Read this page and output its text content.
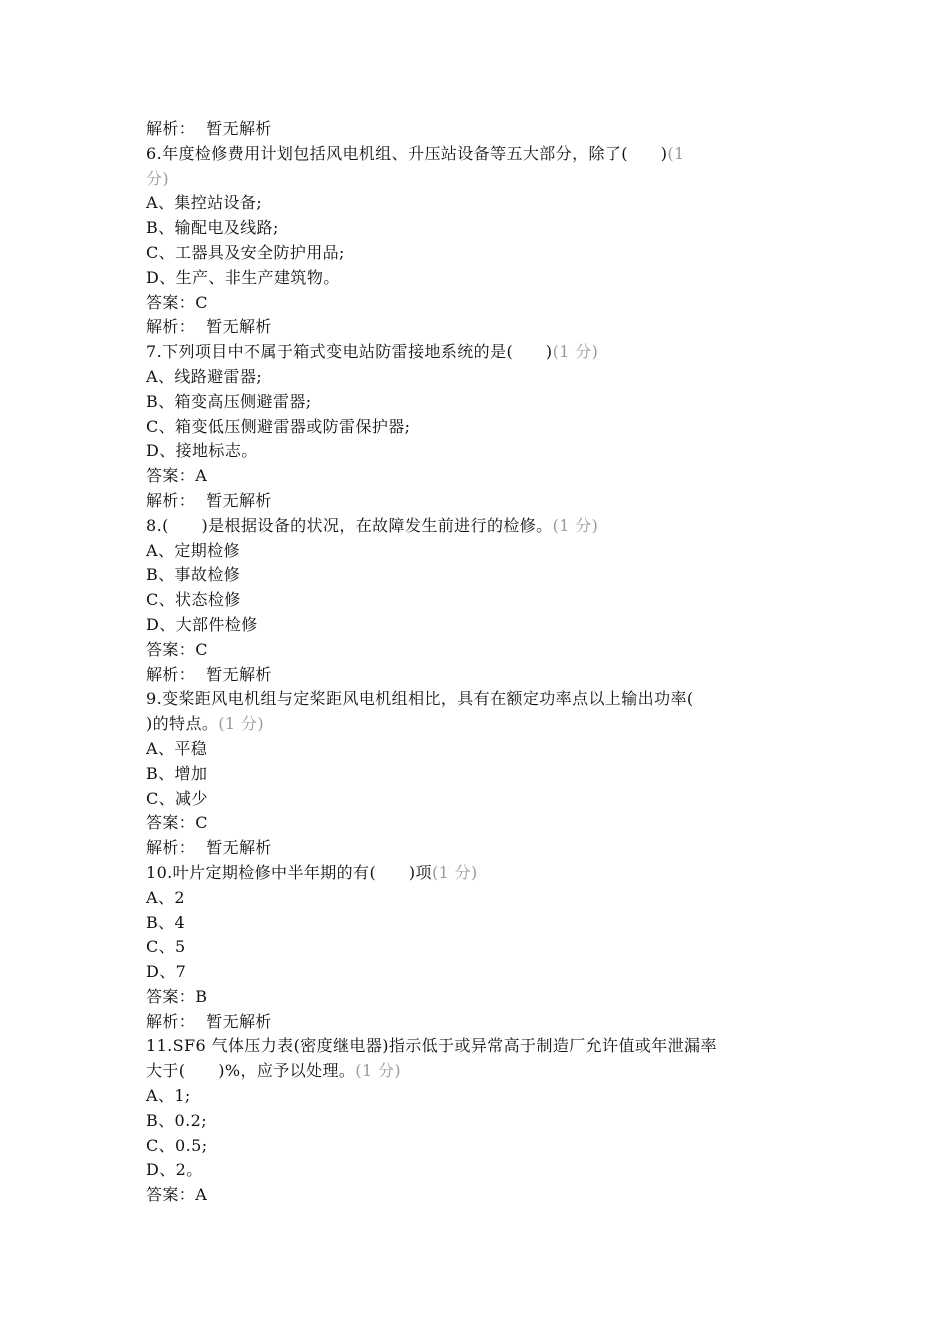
解析： 暂无解析
6.年度检修费用计划包括风电机组、升压站设备等五大部分，除了(　　)(1
分)
A、集控站设备;
B、输配电及线路;
C、工器具及安全防护用品;
D、生产、非生产建筑物。
答案：C
解析： 暂无解析
7.下列项目中不属于箱式变电站防雷接地系统的是(　　)(1 分)
A、线路避雷器;
B、箱变高压侧避雷器;
C、箱变低压侧避雷器或防雷保护器;
D、接地标志。
答案：A
解析： 暂无解析
8.(　　)是根据设备的状况，在故障发生前进行的检修。(1 分)
A、定期检修
B、事故检修
C、状态检修
D、大部件检修
答案：C
解析： 暂无解析
9.变桨距风电机组与定桨距风电机组相比，具有在额定功率点以上输出功率(
)的特点。(1 分)
A、平稳
B、增加
C、减少
答案：C
解析： 暂无解析
10.叶片定期检修中半年期的有(　　)项(1 分)
A、2
B、4
C、5
D、7
答案：B
解析： 暂无解析
11.SF6 气体压力表(密度继电器)指示低于或异常高于制造厂允许值或年泄漏率
大于(　　)%，应予以处理。(1 分)
A、1;
B、0.2;
C、0.5;
D、2。
答案：A
